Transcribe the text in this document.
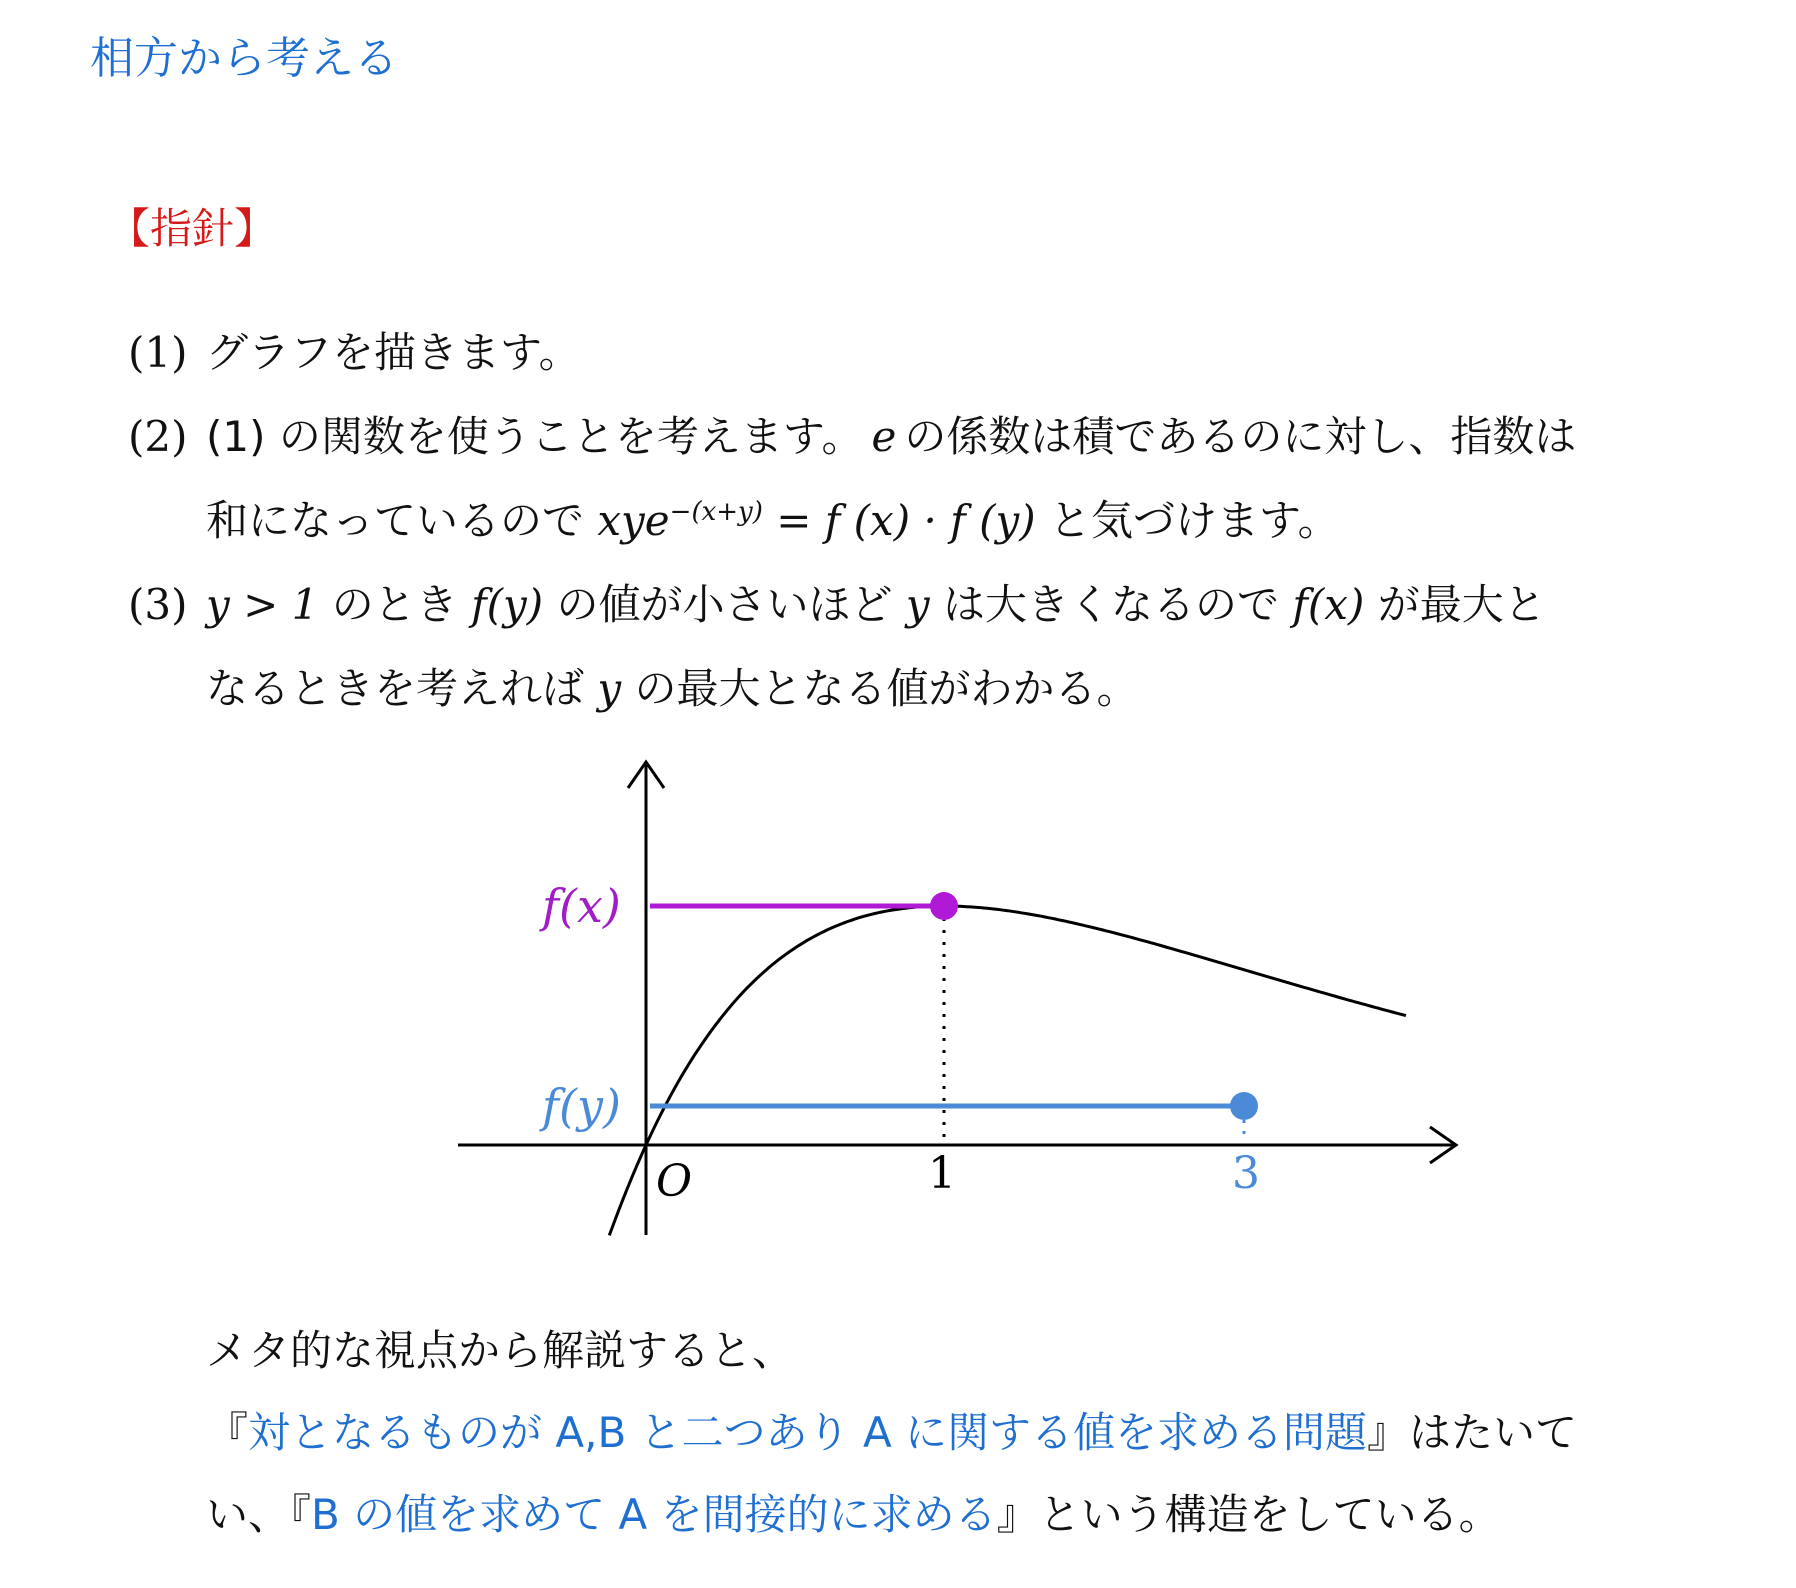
相方から考える
【指針】
(1) グラフを描きます。
(2) (1) の関数を使うことを考えます。 e の係数は積であるのに対し、指数は
和になっているので xye$^{-(x+y)}$ = f (x) · f (y) と気づけます。
(3) y > 1 のとき f(y) の値が小さいほど y は大きくなるので f(x) が最大と
なるときを考えれば y の最大となる値がわかる。
f(x)
f(y)
O	1	3
メタ的な視点から解説すると、
『対となるものが A,B と二つあり A に関する値を求める問題』はたいて
い、『B の値を求めて A を間接的に求める』という構造をしている。
